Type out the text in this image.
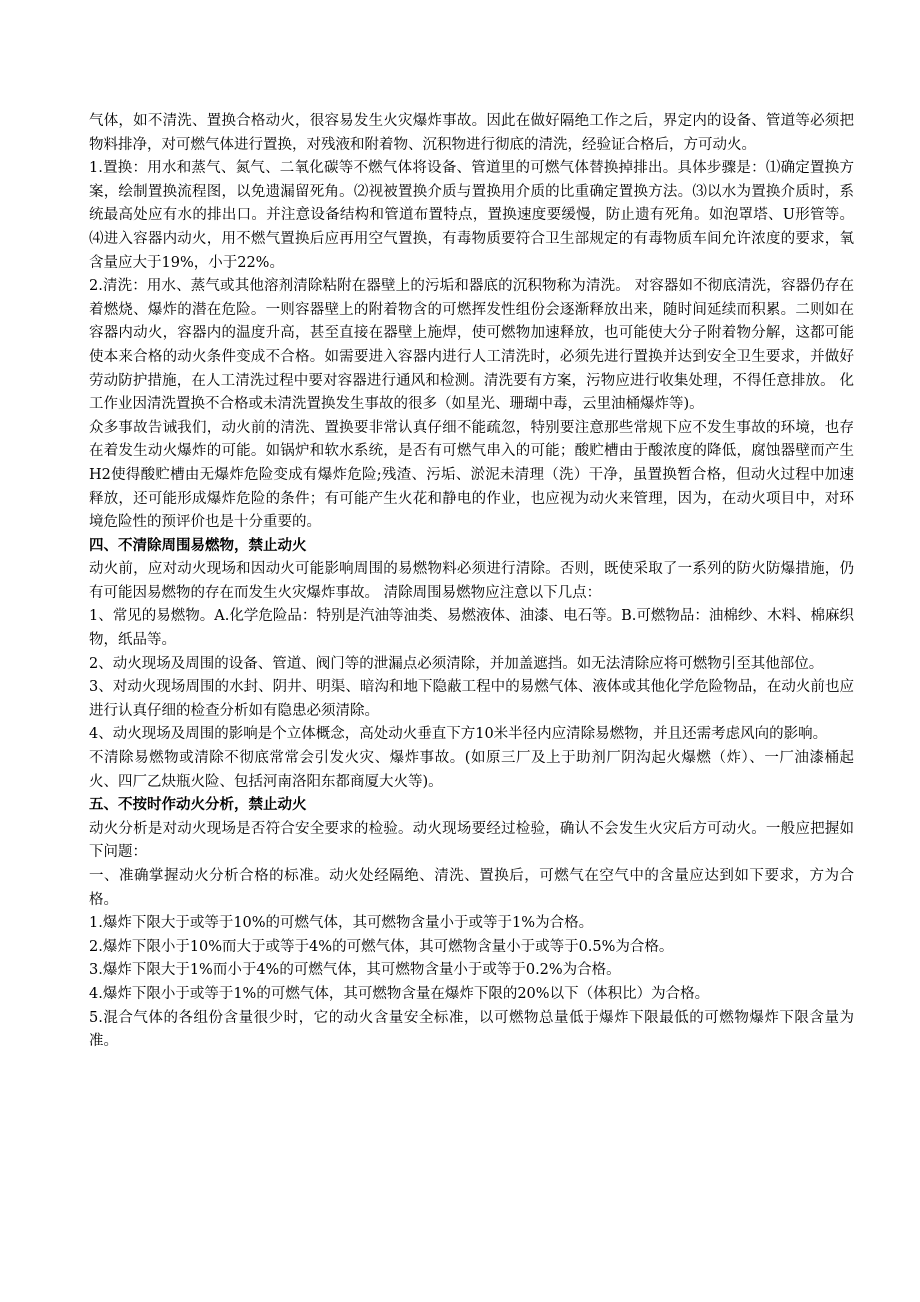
气体，如不清洗、置换合格动火，很容易发生火灾爆炸事故。因此在做好隔绝工作之后，界定内的设备、管道等必须把物料排净，对可燃气体进行置换，对残液和附着物、沉积物进行彻底的清洗，经验证合格后，方可动火。

1.置换：用水和蒸气、氮气、二氧化碳等不燃气体将设备、管道里的可燃气体替换掉排出。具体步骤是：⑴确定置换方案，绘制置换流程图，以免遗漏留死角。⑵视被置换介质与置换用介质的比重确定置换方法。⑶以水为置换介质时，系统最高处应有水的排出口。并注意设备结构和管道布置特点，置换速度要缓慢，防止遗有死角。如泡罩塔、U形管等。⑷进入容器内动火，用不燃气置换后应再用空气置换，有毒物质要符合卫生部规定的有毒物质车间允许浓度的要求，氧含量应大于19%，小于22%。

2.清洗：用水、蒸气或其他溶剂清除粘附在器壁上的污垢和器底的沉积物称为清洗。 对容器如不彻底清洗，容器仍存在着燃烧、爆炸的潜在危险。一则容器壁上的附着物含的可燃挥发性组份会逐渐释放出来，随时间延续而积累。二则如在容器内动火，容器内的温度升高，甚至直接在器壁上施焊，使可燃物加速释放，也可能使大分子附着物分解，这都可能使本来合格的动火条件变成不合格。如需要进入容器内进行人工清洗时，必须先进行置换并达到安全卫生要求，并做好劳动防护措施，在人工清洗过程中要对容器进行通风和检测。清洗要有方案，污物应进行收集处理，不得任意排放。 化工作业因清洗置换不合格或未清洗置换发生事故的很多（如星光、珊瑚中毒，云里油桶爆炸等)。

众多事故告诫我们，动火前的清洗、置换要非常认真仔细不能疏忽，特别要注意那些常规下应不发生事故的环境，也存在着发生动火爆炸的可能。如锅炉和软水系统，是否有可燃气串入的可能；酸贮槽由于酸浓度的降低，腐蚀器壁而产生H2使得酸贮槽由无爆炸危险变成有爆炸危险;残渣、污垢、淤泥未清理（洗）干净，虽置换暂合格，但动火过程中加速释放，还可能形成爆炸危险的条件；有可能产生火花和静电的作业，也应视为动火来管理，因为，在动火项目中，对环境危险性的预评价也是十分重要的。

四、不清除周围易燃物，禁止动火

动火前，应对动火现场和因动火可能影响周围的易燃物料必须进行清除。否则，既使采取了一系列的防火防爆措施，仍有可能因易燃物的存在而发生火灾爆炸事故。 清除周围易燃物应注意以下几点：

1、常见的易燃物。A.化学危险品：特别是汽油等油类、易燃液体、油漆、电石等。B.可燃物品：油棉纱、木料、棉麻织物，纸品等。

2、动火现场及周围的设备、管道、阀门等的泄漏点必须清除，并加盖遮挡。如无法清除应将可燃物引至其他部位。

3、对动火现场周围的水封、阴井、明渠、暗沟和地下隐蔽工程中的易燃气体、液体或其他化学危险物品，在动火前也应进行认真仔细的检查分析如有隐患必须清除。

4、动火现场及周围的影响是个立体概念，高处动火垂直下方10米半径内应清除易燃物，并且还需考虑风向的影响。

不清除易燃物或清除不彻底常常会引发火灾、爆炸事故。(如原三厂及上于助剂厂阴沟起火爆燃（炸）、一厂油漆桶起火、四厂乙炔瓶火险、包括河南洛阳东都商厦大火等)。

五、不按时作动火分析，禁止动火

动火分析是对动火现场是否符合安全要求的检验。动火现场要经过检验，确认不会发生火灾后方可动火。一般应把握如下问题：

一、准确掌握动火分析合格的标准。动火处经隔绝、清洗、置换后，可燃气在空气中的含量应达到如下要求，方为合格。

1.爆炸下限大于或等于10%的可燃气体，其可燃物含量小于或等于1%为合格。

2.爆炸下限小于10%而大于或等于4%的可燃气体，其可燃物含量小于或等于0.5%为合格。

3.爆炸下限大于1%而小于4%的可燃气体，其可燃物含量小于或等于0.2%为合格。

4.爆炸下限小于或等于1%的可燃气体，其可燃物含量在爆炸下限的20%以下（体积比）为合格。

5.混合气体的各组份含量很少时，它的动火含量安全标准，以可燃物总量低于爆炸下限最低的可燃物爆炸下限含量为准。
